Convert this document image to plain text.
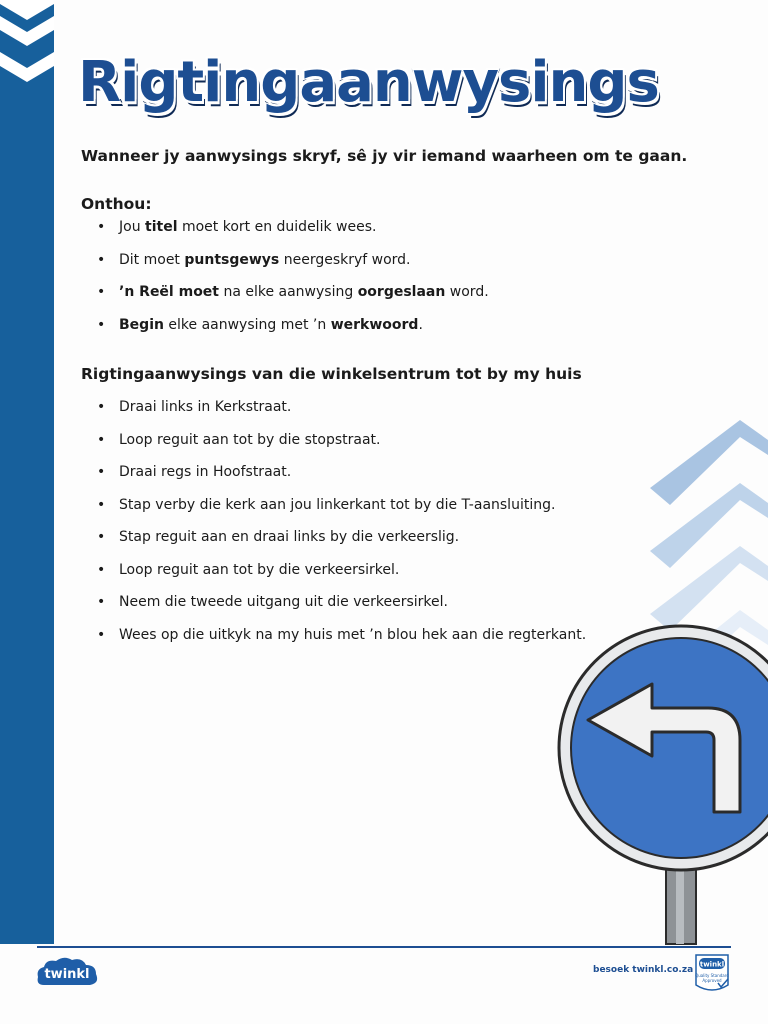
Rigtingaanwysings
Wanneer jy aanwysings skryf, sê jy vir iemand waarheen om te gaan.
Onthou:
• Jou titel moet kort en duidelik wees.
• Dit moet puntsgewys neergeskryf word.
• ’n Reël moet na elke aanwysing oorgeslaan word.
• Begin elke aanwysing met ’n werkwoord.
Rigtingaanwysings van die winkelsentrum tot by my huis
• Draai links in Kerkstraat.
• Loop reguit aan tot by die stopstraat.
• Draai regs in Hoofstraat.
• Stap verby die kerk aan jou linkerkant tot by die T-aansluiting.
• Stap reguit aan en draai links by die verkeerslig.
• Loop reguit aan tot by die verkeersirkel.
• Neem die tweede uitgang uit die verkeersirkel.
• Wees op die uitkyk na my huis met ’n blou hek aan die regterkant.
twinkl	besoek twinkl.co.za
twinkl
Quality Standard
Approved
